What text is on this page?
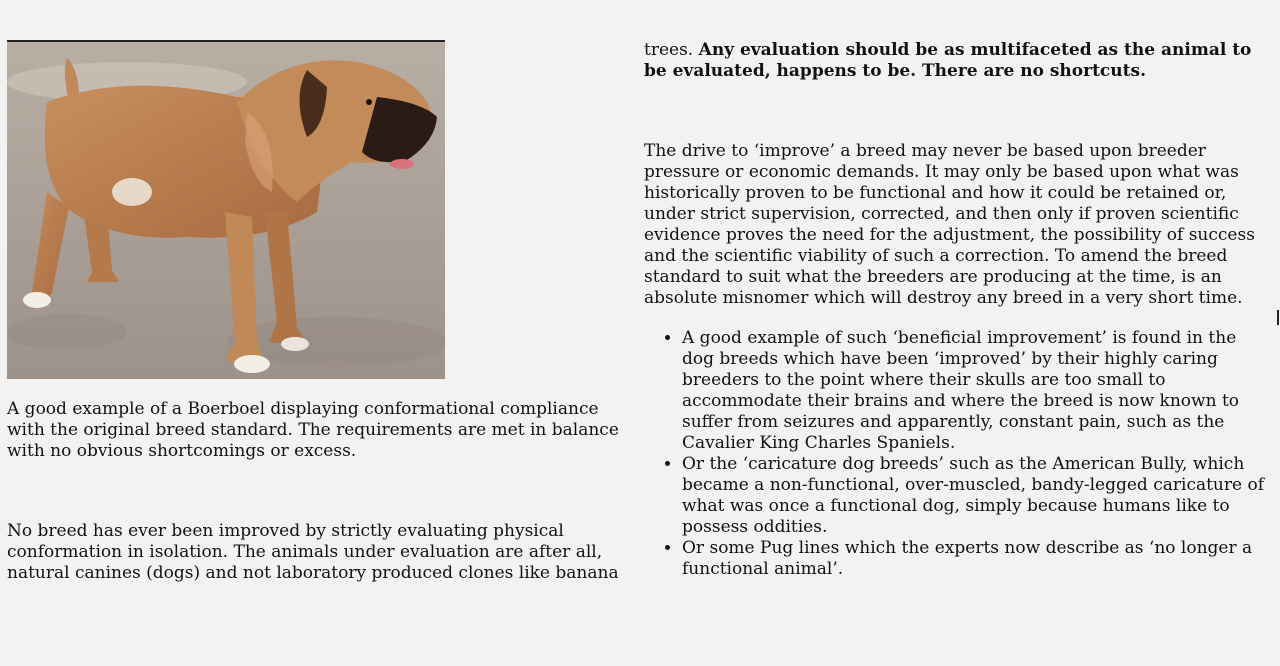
A good example of a Boerboel displaying conformational compliance with the original breed standard. The requirements are met in balance with no obvious shortcomings or excess.

No breed has ever been improved by strictly evaluating physical conformation in isolation. The animals under evaluation are after all, natural canines (dogs) and not laboratory produced clones like banana

trees. Any evaluation should be as multifaceted as the animal to be evaluated, happens to be. There are no shortcuts.

The drive to ‘improve’ a breed may never be based upon breeder pressure or economic demands. It may only be based upon what was historically proven to be functional and how it could be retained or, under strict supervision, corrected, and then only if proven scientific evidence proves the need for the adjustment, the possibility of success and the scientific viability of such a correction. To amend the breed standard to suit what the breeders are producing at the time, is an absolute misnomer which will destroy any breed in a very short time.

• A good example of such ‘beneficial improvement’ is found in the dog breeds which have been ‘improved’ by their highly caring breeders to the point where their skulls are too small to accommodate their brains and where the breed is now known to suffer from seizures and apparently, constant pain, such as the Cavalier King Charles Spaniels.
• Or the ‘caricature dog breeds’ such as the American Bully, which became a non-functional, over-muscled, bandy-legged caricature of what was once a functional dog, simply because humans like to possess oddities.
• Or some Pug lines which the experts now describe as ‘no longer a functional animal’.
